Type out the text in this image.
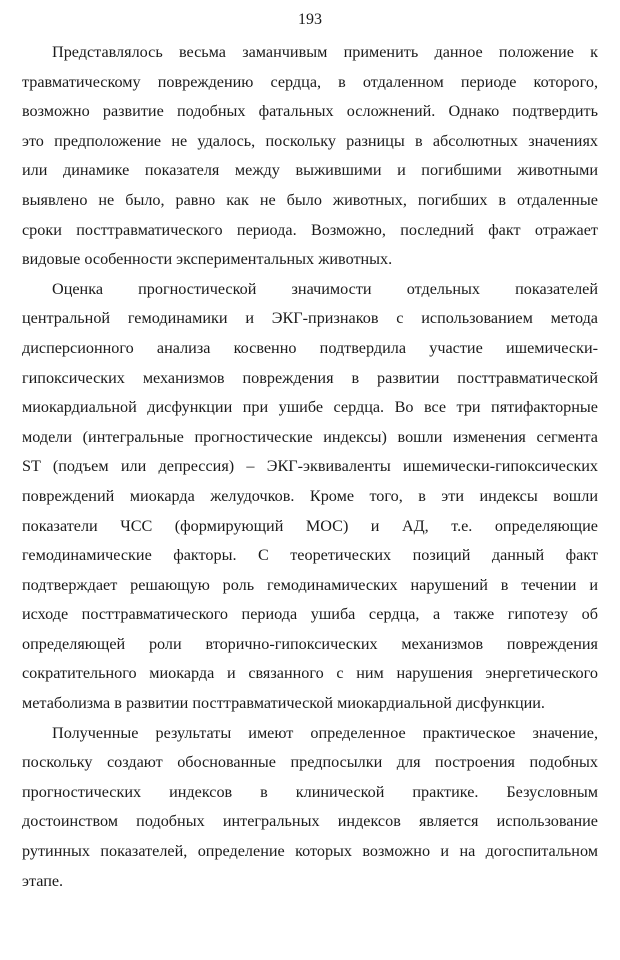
193
Представлялось весьма заманчивым применить данное положение к
травматическому повреждению сердца, в отдаленном периоде которого,
возможно развитие подобных фатальных осложнений. Однако подтвердить
это предположение не удалось, поскольку разницы в абсолютных значениях
или динамике показателя между выжившими и погибшими животными
выявлено не было, равно как не было животных, погибших в отдаленные
сроки посттравматического периода. Возможно, последний факт отражает
видовые особенности экспериментальных животных.
Оценка прогностической значимости отдельных показателей
центральной гемодинамики и ЭКГ-признаков с использованием метода
дисперсионного анализа косвенно подтвердила участие ишемически-
гипоксических механизмов повреждения в развитии посттравматической
миокардиальной дисфункции при ушибе сердца. Во все три пятифакторные
модели (интегральные прогностические индексы) вошли изменения сегмента
ST (подъем или депрессия) – ЭКГ-эквиваленты ишемически-гипоксических
повреждений миокарда желудочков. Кроме того, в эти индексы вошли
показатели ЧСС (формирующий МОС) и АД, т.е. определяющие
гемодинамические факторы. С теоретических позиций данный факт
подтверждает решающую роль гемодинамических нарушений в течении и
исходе посттравматического периода ушиба сердца, а также гипотезу об
определяющей роли вторично-гипоксических механизмов повреждения
сократительного миокарда и связанного с ним нарушения энергетического
метаболизма в развитии посттравматической миокардиальной дисфункции.
Полученные результаты имеют определенное практическое значение,
поскольку создают обоснованные предпосылки для построения подобных
прогностических индексов в клинической практике. Безусловным
достоинством подобных интегральных индексов является использование
рутинных показателей, определение которых возможно и на догоспитальном
этапе.
